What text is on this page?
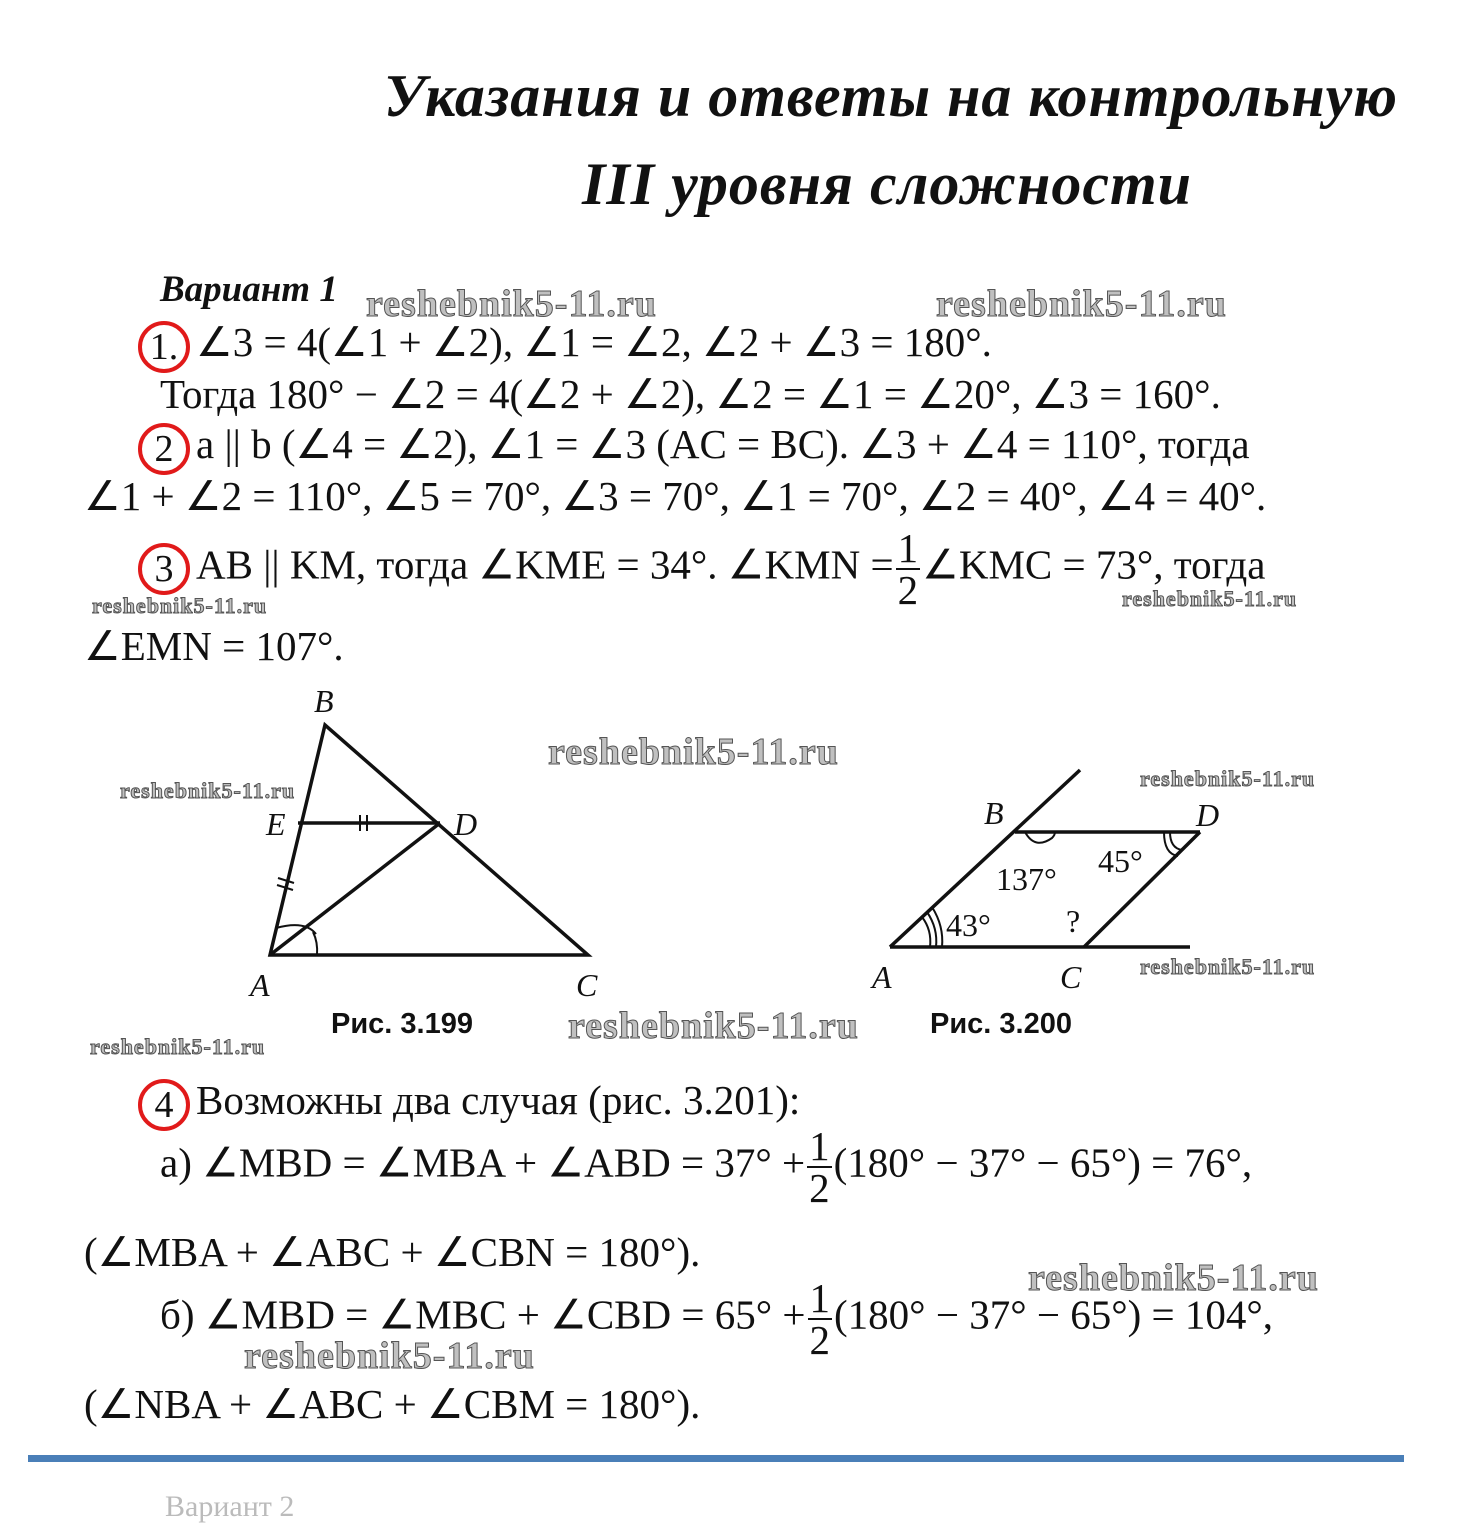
Указания и ответы на контрольную
III уровня сложности

Вариант 1

1. ∠3 = 4(∠1 + ∠2), ∠1 = ∠2, ∠2 + ∠3 = 180°.

Тогда 180° − ∠2 = 4(∠2 + ∠2), ∠2 = ∠1 = ∠20°, ∠3 = 160°.

2 a || b (∠4 = ∠2), ∠1 = ∠3 (AC = BC). ∠3 + ∠4 = 110°, тогда

∠1 + ∠2 = 110°, ∠5 = 70°, ∠3 = 70°, ∠1 = 70°, ∠2 = 40°, ∠4 = 40°.

3 AB || KM, тогда ∠KME = 34°. ∠KMN = $\frac{1}{2}$ ∠KMC = 73°, тогда

∠EMN = 107°.

B
E	D
A	C

Рис. 3.199

B	D
A	C
137° 45°
43° ?

Рис. 3.200

4 Возможны два случая (рис. 3.201):

а) ∠MBD = ∠MBA + ∠ABD = $37^\circ + \frac{1}{2} (180^\circ - 37^\circ - 65^\circ) = 76^\circ$,

(∠MBA + ∠ABC + ∠CBN = 180°).

б) ∠MBD = ∠MBC + ∠CBD = $65^\circ + \frac{1}{2} (180^\circ - 37^\circ - 65^\circ) = 104^\circ$,

(∠NBA + ∠ABC + ∠CBM = 180°).

reshebnik5-11.ru	reshebnik5-11.ru

reshebnik5-11.ru	reshebnik5-11.ru

reshebnik5-11.ru

reshebnik5-11.ru	reshebnik5-11.ru

reshebnik5-11.ru

reshebnik5-11.ru

reshebnik5-11.ru

reshebnik5-11.ru

reshebnik5-11.ru

Вариант 2
